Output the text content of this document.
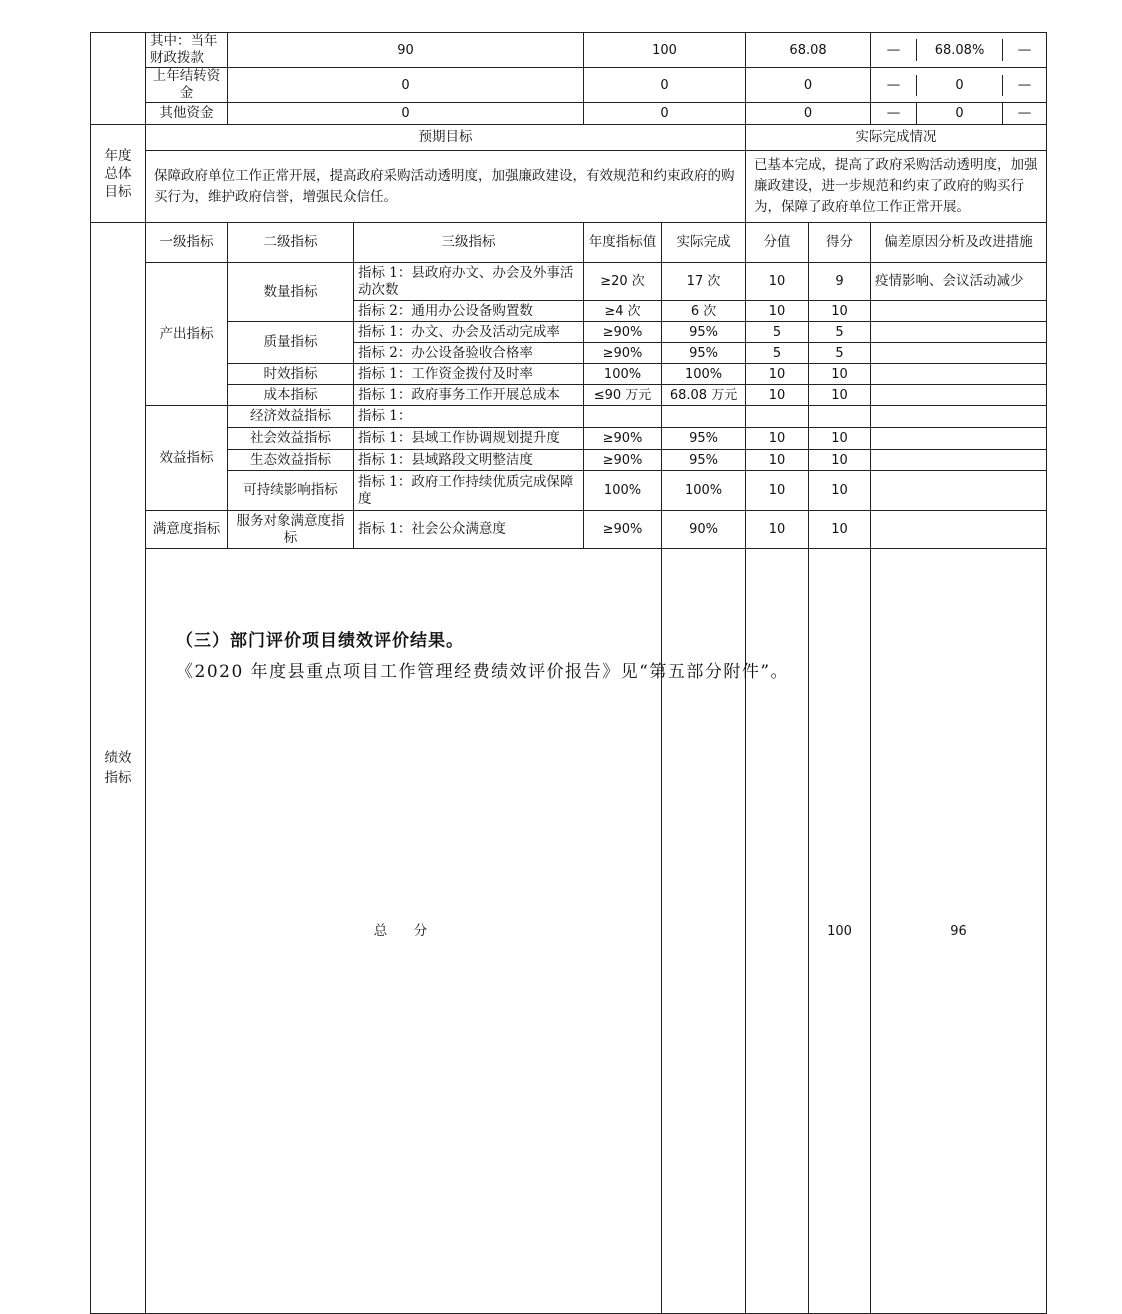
	其中：当年财政拨款	90		100		68.08		— 68.08% —	

	上年结转资金	0		0		0		— 0 —	

	其他资金	0		0		0		— 0 —	

年度总体目标	预期目标					实际完成情况			
	保障政府单位工作正常开展，提高政府采购活动透明度，加强廉政建设，有效规范和约束政府的购买行为，维护政府信誉，增强民众信任。					已基本完成，提高了政府采购活动透明度，加强廉政建设，进一步规范和约束了政府的购买行为，保障了政府单位工作正常开展。			
绩效指标	一级指标	二级指标	三级指标	年度指标值	实际完成	分值	得分	偏差原因分析及改进措施	
	产出指标	数量指标	指标 1：县政府办文、办会及外事活动次数	≥20 次	17 次	10	9	疫情影响、会议活动减少	
			指标 2：通用办公设备购置数	≥4 次	6 次	10	10		
		质量指标	指标 1：办文、办会及活动完成率	≥90%	95%	5	5		
			指标 2：办公设备验收合格率	≥90%	95%	5	5		
		时效指标	指标 1：工作资金拨付及时率	100%	100%	10	10		
		成本指标	指标 1：政府事务工作开展总成本	≤90 万元	68.08 万元	10	10		
	效益指标	经济效益指标	指标 1：						
		社会效益指标	指标 1：县域工作协调规划提升度	≥90%	95%	10	10		
		生态效益指标	指标 1：县域路段文明整洁度	≥90%	95%	10	10		
		可持续影响指标	指标 1：政府工作持续优质完成保障度	100%	100%	10	10		
	满意度指标	服务对象满意度指标	指标 1：社会公众满意度	≥90%	90%	10	10		
	总  分						100	96	
（三）部门评价项目绩效评价结果。
《2020 年度县重点项目工作管理经费绩效评价报告》见“第五部分附件”。
